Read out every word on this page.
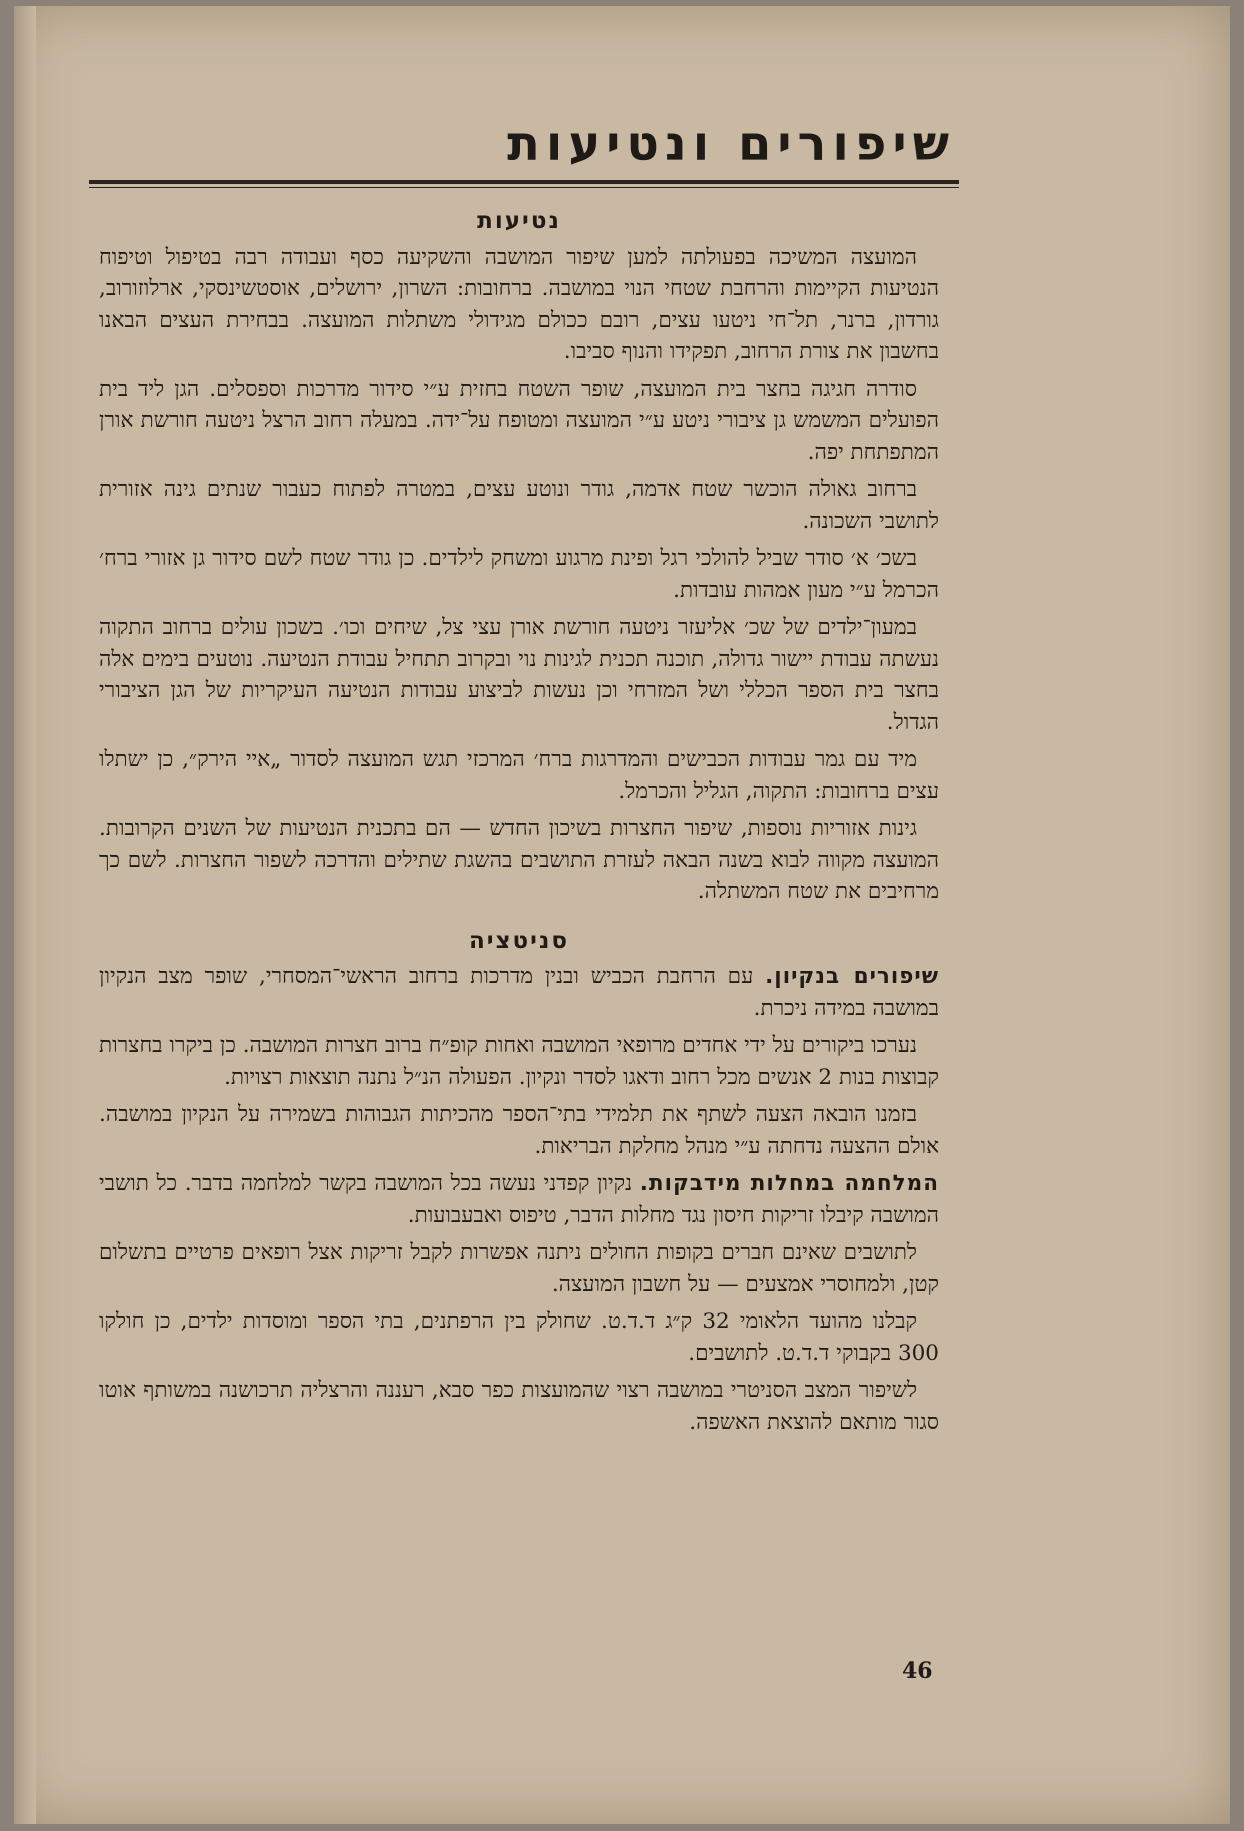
שיפורים ונטיעות
נטיעות

המועצה המשיכה בפעולתה למען שיפור המושבה והשקיעה כסף ועבודה רבה בטיפול וטיפוח הנטיעות הקיימות והרחבת שטחי הנוי במושבה. ברחובות: השרון, ירושלים, אוסטשינסקי, ארלוזורוב, גורדון, ברנר, תל־חי ניטעו עצים, רובם ככולם מגידולי משתלות המועצה. בבחירת העצים הבאנו בחשבון את צורת הרחוב, תפקידו והנוף סביבו.

סודרה חגיגה בחצר בית המועצה, שופר השטח בחזית ע״י סידור מדרכות וספסלים. הגן ליד בית הפועלים המשמש גן ציבורי ניטע ע״י המועצה ומטופח על־ידה. במעלה רחוב הרצל ניטעה חורשת אורן המתפתחת יפה.

ברחוב גאולה הוכשר שטח אדמה, גודר ונוטע עצים, במטרה לפתוח כעבור שנתים גינה אזורית לתושבי השכונה.

בשכ׳ א׳ סודר שביל להולכי רגל ופינת מרגוע ומשחק לילדים. כן גודר שטח לשם סידור גן אזורי ברח׳ הכרמל ע״י מעון אמהות עובדות.

במעון־ילדים של שכ׳ אליעזר ניטעה חורשת אורן עצי צל, שיחים וכו׳. בשכון עולים ברחוב התקוה נעשתה עבודת יישור גדולה, תוכנה תכנית לגינות נוי ובקרוב תתחיל עבודת הנטיעה. נוטעים בימים אלה בחצר בית הספר הכללי ושל המזרחי וכן נעשות לביצוע עבודות הנטיעה העיקריות של הגן הציבורי הגדול.

מיד עם גמר עבודות הכבישים והמדרגות ברח׳ המרכזי תגש המועצה לסדור „איי הירק״, כן ישתלו עצים ברחובות: התקוה, הגליל והכרמל.

גינות אזוריות נוספות, שיפור החצרות בשיכון החדש — הם בתכנית הנטיעות של השנים הקרובות. המועצה מקווה לבוא בשנה הבאה לעזרת התושבים בהשגת שתילים והדרכה לשפור החצרות. לשם כך מרחיבים את שטח המשתלה.

סניטציה

שיפורים בנקיון. עם הרחבת הכביש ובנין מדרכות ברחוב הראשי־המסחרי, שופר מצב הנקיון במושבה במידה ניכרת.

נערכו ביקורים על ידי אחדים מרופאי המושבה ואחות קופ״ח ברוב חצרות המושבה. כן ביקרו בחצרות קבוצות בנות 2 אנשים מכל רחוב ודאגו לסדר ונקיון. הפעולה הנ״ל נתנה תוצאות רצויות.

בזמנו הובאה הצעה לשתף את תלמידי בתי־הספר מהכיתות הגבוהות בשמירה על הנקיון במושבה. אולם ההצעה נדחתה ע״י מנהל מחלקת הבריאות.

המלחמה במחלות מידבקות. נקיון קפדני נעשה בכל המושבה בקשר למלחמה בדבר. כל תושבי המושבה קיבלו זריקות חיסון נגד מחלות הדבר, טיפוס ואבעבועות.

לתושבים שאינם חברים בקופות החולים ניתנה אפשרות לקבל זריקות אצל רופאים פרטיים בתשלום קטן, ולמחוסרי אמצעים — על חשבון המועצה.

קבלנו מהועד הלאומי 32 ק״ג ד.ד.ט. שחולק בין הרפתנים, בתי הספר ומוסדות ילדים, כן חולקו 300 בקבוקי ד.ד.ט. לתושבים.

לשיפור המצב הסניטרי במושבה רצוי שהמועצות כפר סבא, רעננה והרצליה תרכושנה במשותף אוטו סגור מותאם להוצאת האשפה.

46
